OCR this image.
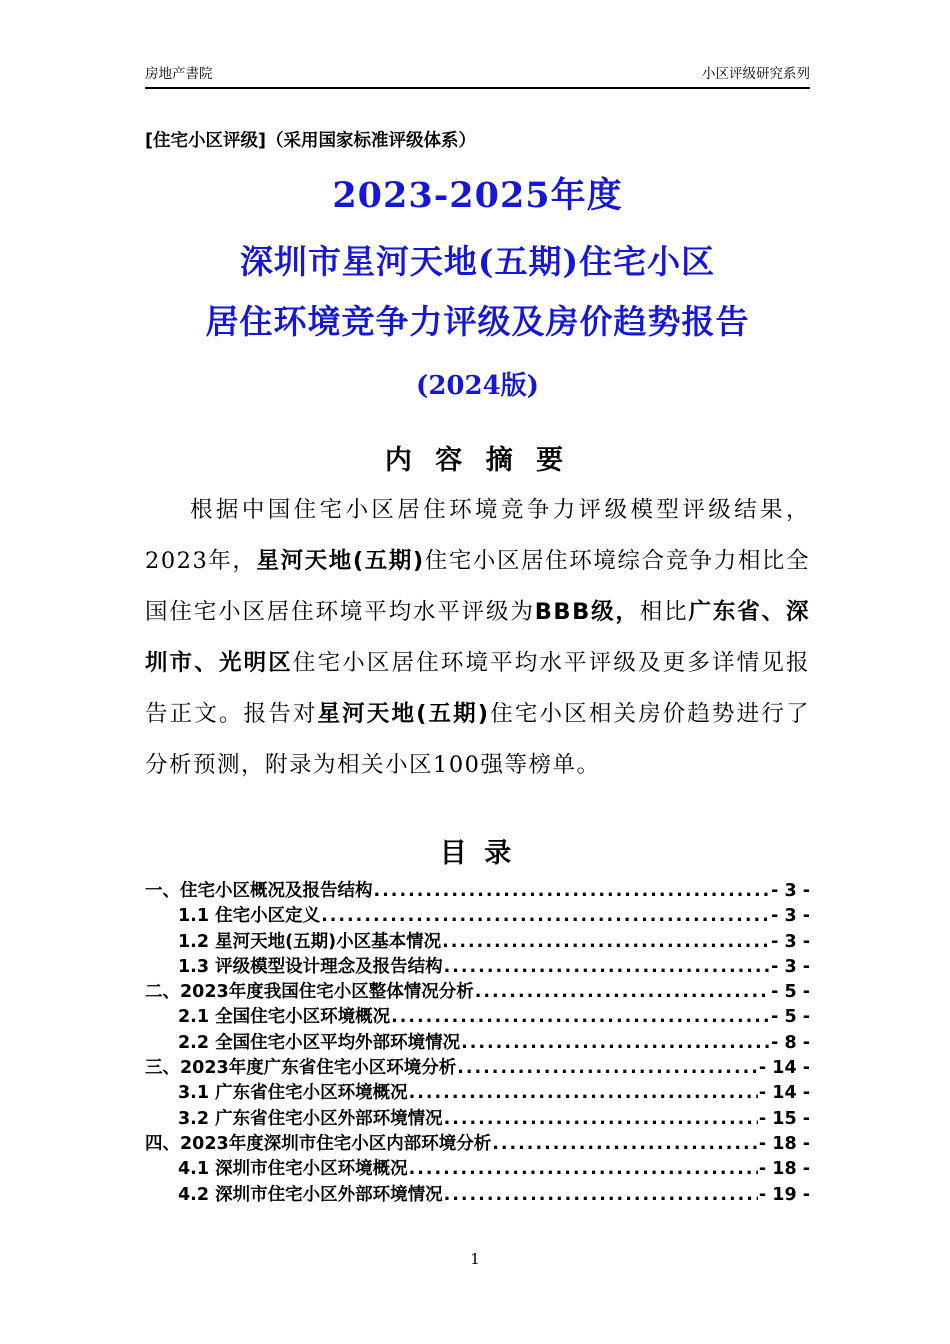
房地产書院	小区评级研究系列
[住宅小区评级]（采用国家标准评级体系）
2023-2025年度
深圳市星河天地(五期)住宅小区
居住环境竞争力评级及房价趋势报告
(2024版)
内 容 摘 要

根据中国住宅小区居住环境竞争力评级模型评级结果，2023年，星河天地(五期)住宅小区居住环境综合竞争力相比全国住宅小区居住环境平均水平评级为BBB级，相比广东省、深圳市、光明区住宅小区居住环境平均水平评级及更多详情见报告正文。报告对星河天地(五期)住宅小区相关房价趋势进行了分析预测，附录为相关小区100强等榜单。

目 录
一、住宅小区概况及报告结构 .....	- 3 -
1.1 住宅小区定义 .....	- 3 -
1.2 星河天地(五期)小区基本情况 .....	- 3 -
1.3 评级模型设计理念及报告结构 .....	- 3 -
二、2023年度我国住宅小区整体情况分析 .....	- 5 -
2.1 全国住宅小区环境概况 .....	- 5 -
2.2 全国住宅小区平均外部环境情况 .....	- 8 -
三、2023年度广东省住宅小区环境分析 .....	- 14 -
3.1 广东省住宅小区环境概况 .....	- 14 -
3.2 广东省住宅小区外部环境情况 .....	- 15 -
四、2023年度深圳市住宅小区内部环境分析 .....	- 18 -
4.1 深圳市住宅小区环境概况 .....	- 18 -
4.2 深圳市住宅小区外部环境情况 .....	- 19 -
1
